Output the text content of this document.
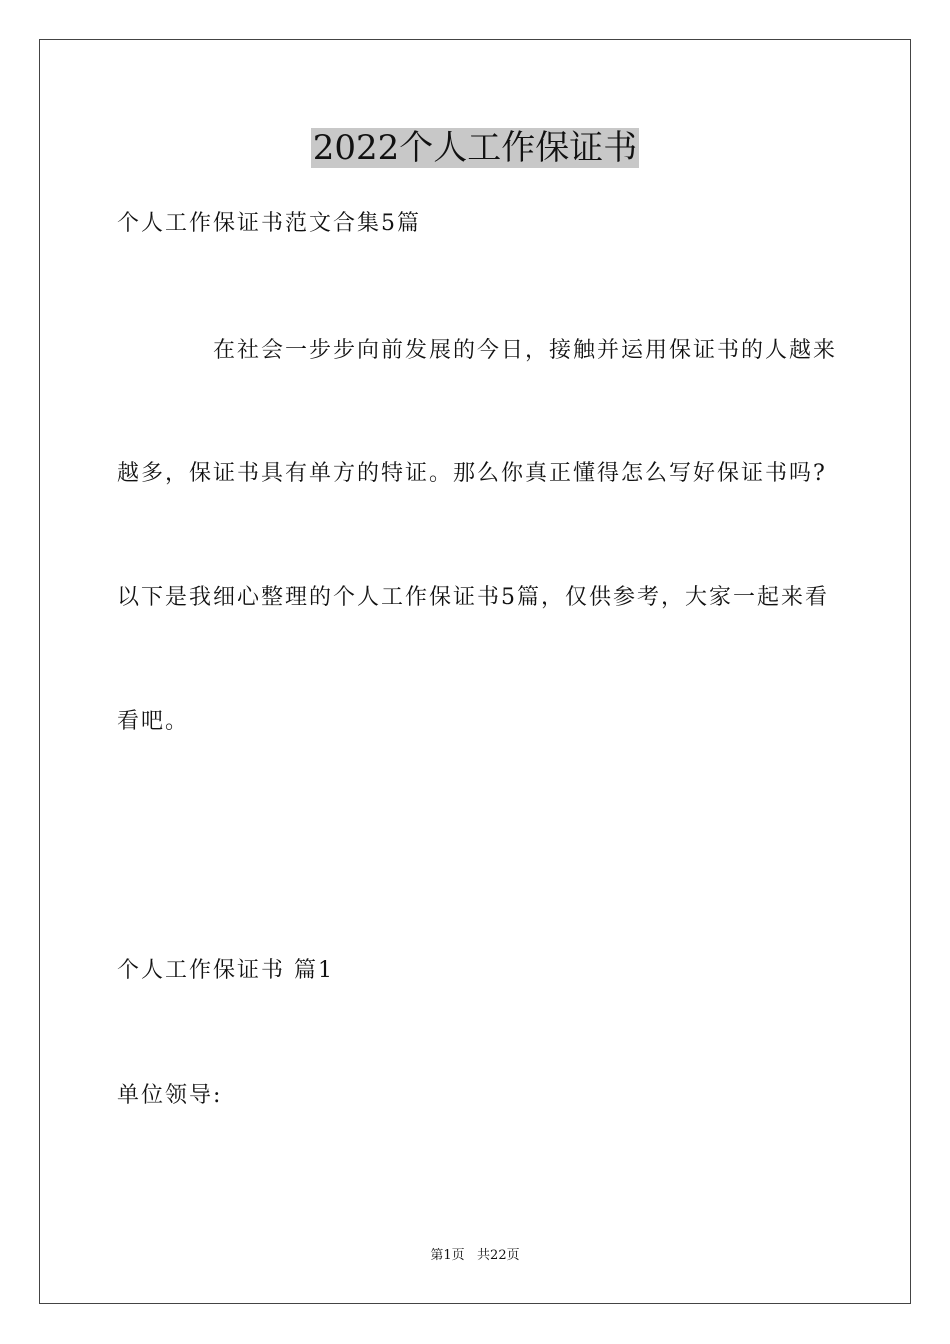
2022个人工作保证书
个人工作保证书范文合集5篇
在社会一步步向前发展的今日，接触并运用保证书的人越来
越多，保证书具有单方的特证。那么你真正懂得怎么写好保证书吗?
以下是我细心整理的个人工作保证书5篇，仅供参考，大家一起来看
看吧。
个人工作保证书 篇1
单位领导:
第1页   共22页
